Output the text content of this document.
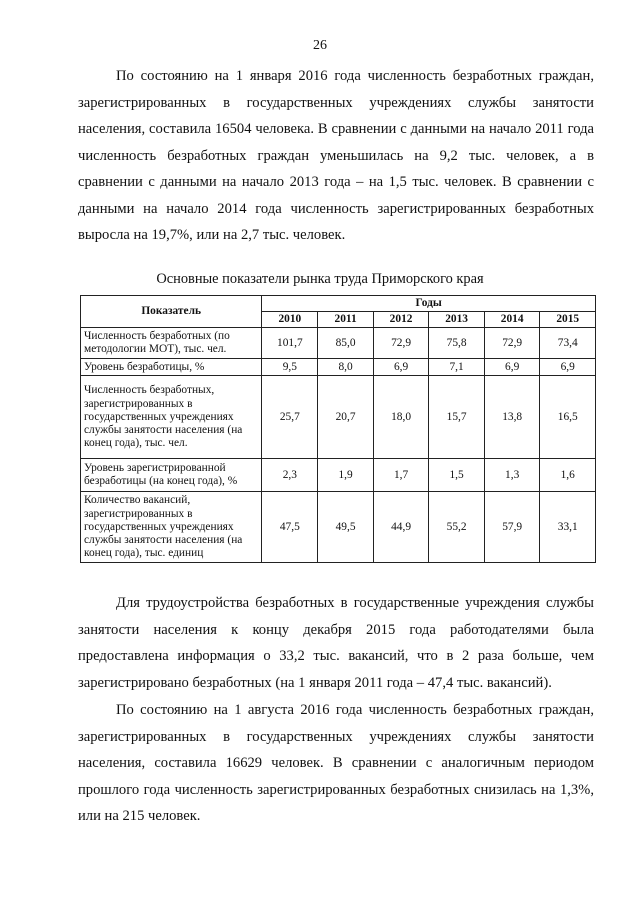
26

По состоянию на 1 января 2016 года численность безработных граждан, зарегистрированных в государственных учреждениях службы занятости населения, составила 16504 человека. В сравнении с данными на начало 2011 года численность безработных граждан уменьшилась на 9,2 тыс. человек, а в сравнении с данными на начало 2013 года – на 1,5 тыс. человек. В сравнении с данными на начало 2014 года численность зарегистрированных безработных выросла на 19,7%, или на 2,7 тыс. человек.

Основные показатели рынка труда Приморского края
Показатель	Годы					
	2010	2011	2012	2013	2014	2015
Численность безработных (по методологии МОТ), тыс. чел.	101,7	85,0	72,9	75,8	72,9	73,4
Уровень безработицы, %	9,5	8,0	6,9	7,1	6,9	6,9
Численность безработных, зарегистрированных в государственных учреждениях службы занятости населения (на конец года), тыс. чел.	25,7	20,7	18,0	15,7	13,8	16,5
Уровень зарегистрированной безработицы (на конец года), %	2,3	1,9	1,7	1,5	1,3	1,6
Количество вакансий, зарегистрированных в государственных учреждениях службы занятости населения (на конец года), тыс. единиц	47,5	49,5	44,9	55,2	57,9	33,1

Для трудоустройства безработных в государственные учреждения службы занятости населения к концу декабря 2015 года работодателями была предоставлена информация о 33,2 тыс. вакансий, что в 2 раза больше, чем зарегистрировано безработных (на 1 января 2011 года – 47,4 тыс. вакансий).

По состоянию на 1 августа 2016 года численность безработных граждан, зарегистрированных в государственных учреждениях службы занятости населения, составила 16629 человек. В сравнении с аналогичным периодом прошлого года численность зарегистрированных безработных снизилась на 1,3%, или на 215 человек.
